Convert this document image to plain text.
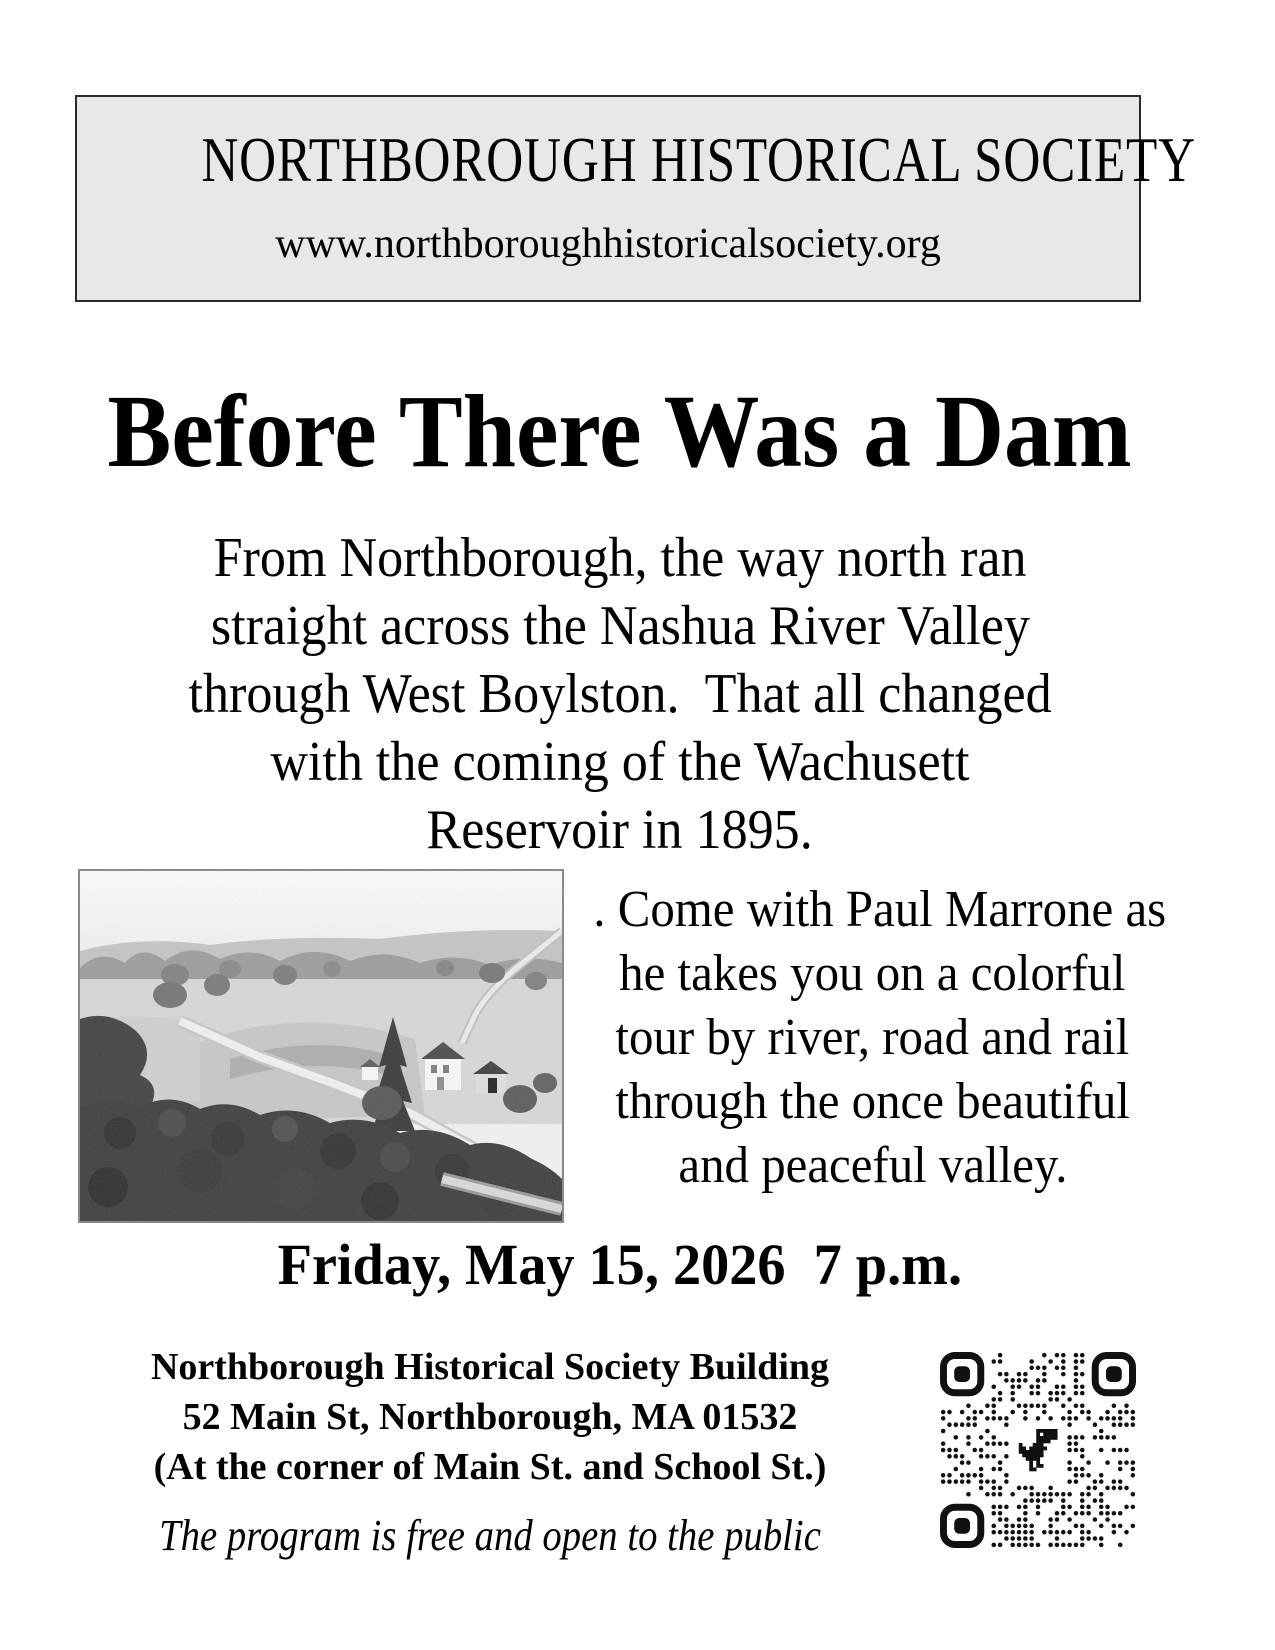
NORTHBOROUGH HISTORICAL SOCIETY
www.northboroughhistoricalsociety.org
Before There Was a Dam
From Northborough, the way north ran
straight across the Nashua River Valley
through West Boylston.  That all changed
with the coming of the Wachusett
Reservoir in 1895.
. Come with Paul Marrone as
he takes you on a colorful
tour by river, road and rail
through the once beautiful
and peaceful valley.
Friday, May 15, 2026  7 p.m.
Northborough Historical Society Building
52 Main St, Northborough, MA 01532
(At the corner of Main St. and School St.)
The program is free and open to the public
